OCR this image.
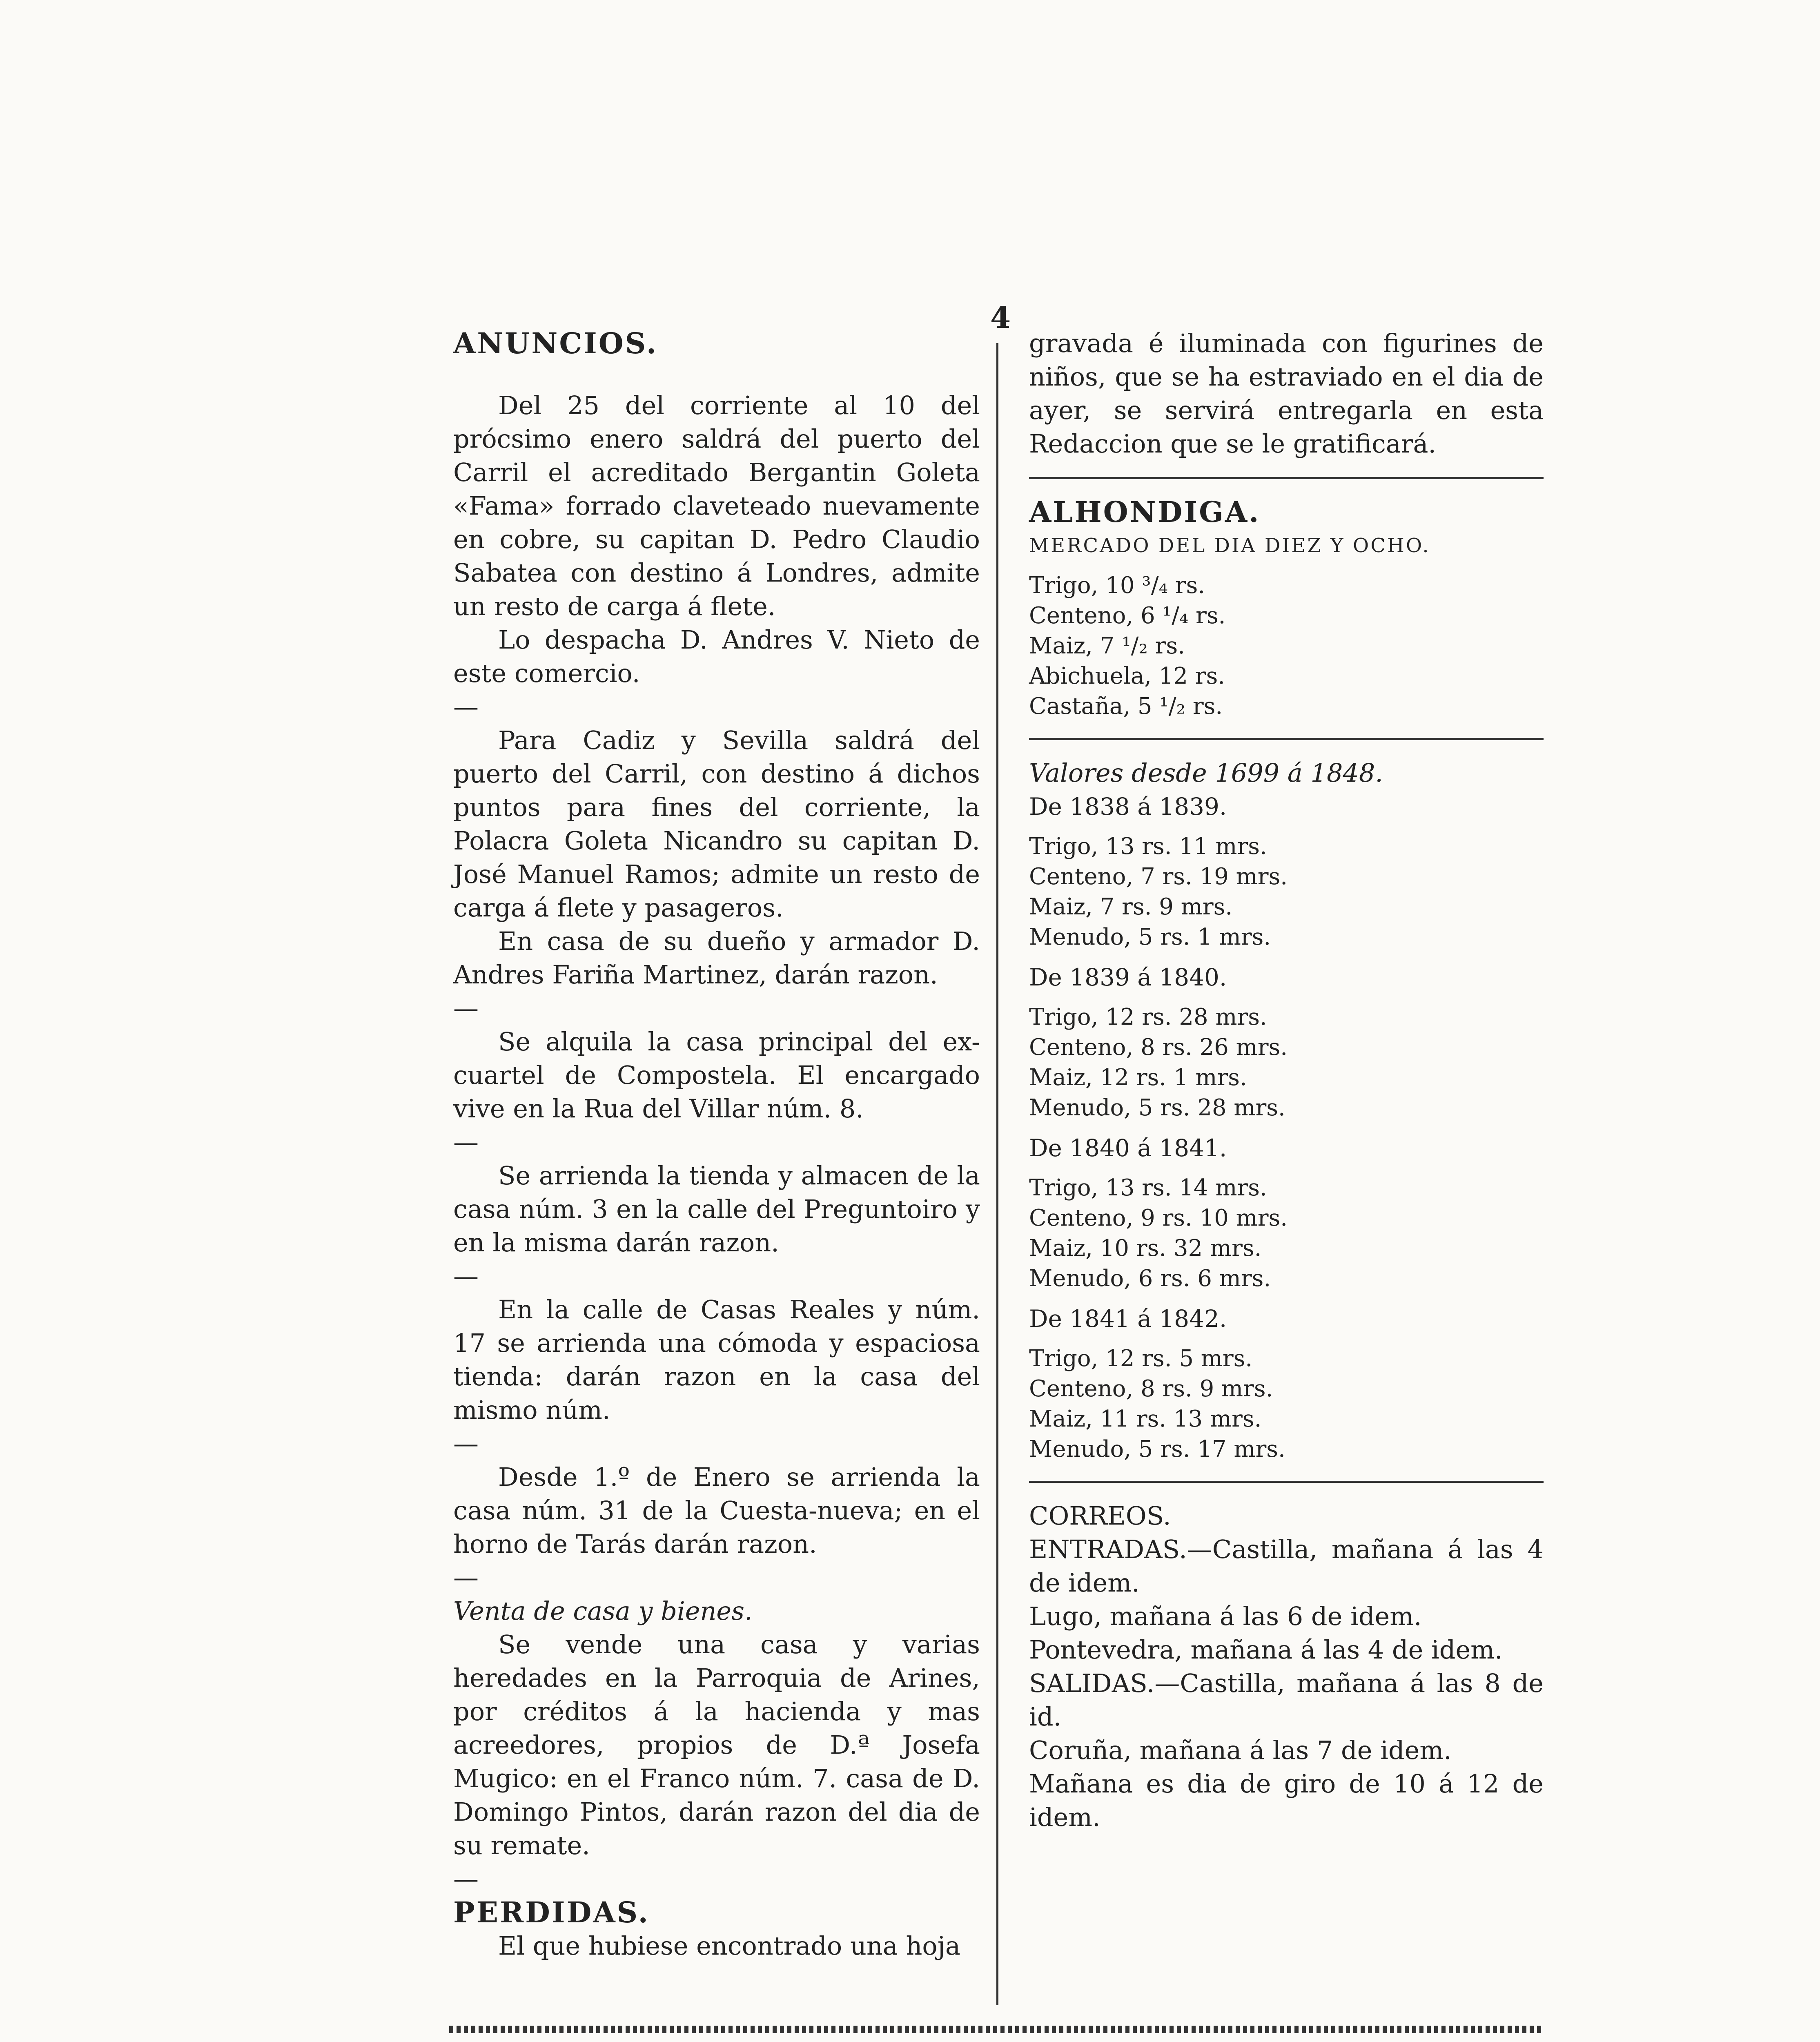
4

ANUNCIOS.

Del 25 del corriente al 10 del prócsimo enero saldrá del puerto del Carril el acreditado Bergantin Goleta «Fama» forrado claveteado nuevamente en cobre, su capitan D. Pedro Claudio Sabatea con destino á Londres, admite un resto de carga á flete.

Lo despacha D. Andres V. Nieto de este comercio.

—

Para Cadiz y Sevilla saldrá del puerto del Carril, con destino á dichos puntos para fines del corriente, la Polacra Goleta Nicandro su capitan D. José Manuel Ramos; admite un resto de carga á flete y pasageros.

En casa de su dueño y armador D. Andres Fariña Martinez, darán razon.

—

Se alquila la casa principal del ex-cuartel de Compostela. El encargado vive en la Rua del Villar núm. 8.

—

Se arrienda la tienda y almacen de la casa núm. 3 en la calle del Preguntoiro y en la misma darán razon.

—

En la calle de Casas Reales y núm. 17 se arrienda una cómoda y espaciosa tienda: darán razon en la casa del mismo núm.

—

Desde 1.º de Enero se arrienda la casa núm. 31 de la Cuesta-nueva; en el horno de Tarás darán razon.

—

Venta de casa y bienes.

Se vende una casa y varias heredades en la Parroquia de Arines, por créditos á la hacienda y mas acreedores, propios de D.ª Josefa Mugico: en el Franco núm. 7. casa de D. Domingo Pintos, darán razon del dia de su remate.

—

PERDIDAS.

El que hubiese encontrado una hoja

gravada é iluminada con figurines de niños, que se ha estraviado en el dia de ayer, se servirá entregarla en esta Redaccion que se le gratificará.

ALHONDIGA.

MERCADO DEL DIA DIEZ Y OCHO.

Trigo, 10 ³/₄ rs.
Centeno, 6 ¹/₄ rs.
Maiz, 7 ¹/₂ rs.
Abichuela, 12 rs.
Castaña, 5 ¹/₂ rs.

Valores desde 1699 á 1848.

De 1838 á 1839.

Trigo, 13 rs. 11 mrs.
Centeno, 7 rs. 19 mrs.
Maiz, 7 rs. 9 mrs.
Menudo, 5 rs. 1 mrs.

De 1839 á 1840.

Trigo, 12 rs. 28 mrs.
Centeno, 8 rs. 26 mrs.
Maiz, 12 rs. 1 mrs.
Menudo, 5 rs. 28 mrs.

De 1840 á 1841.

Trigo, 13 rs. 14 mrs.
Centeno, 9 rs. 10 mrs.
Maiz, 10 rs. 32 mrs.
Menudo, 6 rs. 6 mrs.

De 1841 á 1842.

Trigo, 12 rs. 5 mrs.
Centeno, 8 rs. 9 mrs.
Maiz, 11 rs. 13 mrs.
Menudo, 5 rs. 17 mrs.

CORREOS.

ENTRADAS.—Castilla, mañana á las 4 de idem.

Lugo, mañana á las 6 de idem.

Pontevedra, mañana á las 4 de idem.

SALIDAS.—Castilla, mañana á las 8 de id.

Coruña, mañana á las 7 de idem.

Mañana es dia de giro de 10 á 12 de idem.
